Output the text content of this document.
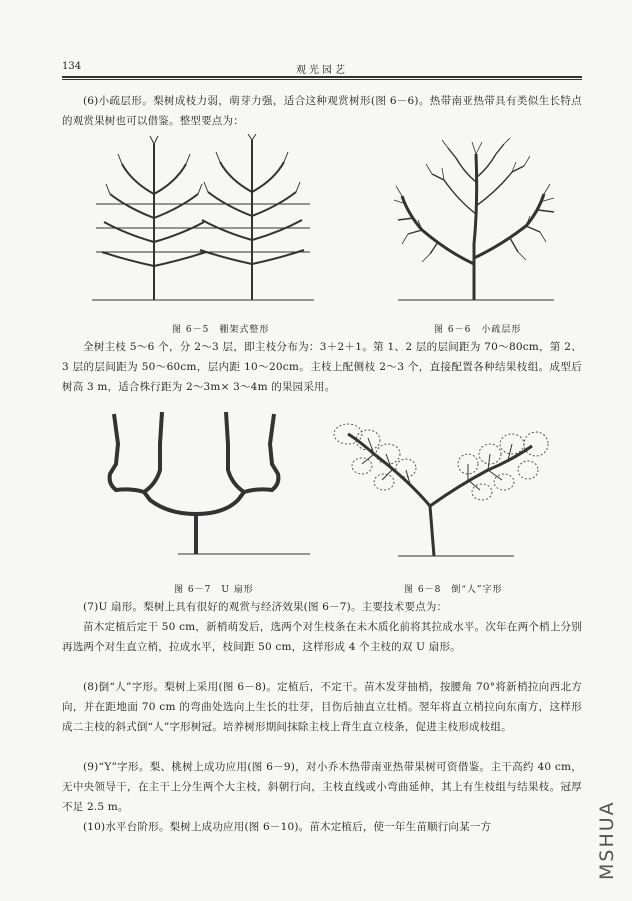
134	观光园艺

(6)小疏层形。梨树成枝力弱，萌芽力强，适合这种观赏树形(图 6－6)。热带南亚热带具有类似生长特点的观赏果树也可以借鉴。整型要点为：

图 6－5　棚架式整形	图 6－6　小疏层形

全树主枝 5～6 个，分 2～3 层，即主枝分布为：3＋2＋1。第 1、2 层的层间距为 70～80cm，第 2、3 层的层间距为 50～60cm，层内距 10～20cm。主枝上配侧枝 2～3 个，直接配置各种结果枝组。成型后树高 3 m，适合株行距为 2～3m× 3～4m 的果园采用。

图 6－7　U 扇形	图 6－8　倒“人”字形

(7)U 扇形。梨树上具有很好的观赏与经济效果(图 6－7)。主要技术要点为：

苗木定植后定干 50 cm，新梢萌发后，选两个对生枝条在未木质化前将其拉成水平。次年在两个梢上分别再选两个对生直立梢，拉成水平，枝间距 50 cm，这样形成 4 个主枝的双 U 扇形。

(8)倒“人”字形。梨树上采用(图 6－8)。定植后，不定干。苗木发芽抽梢，按腰角 70°将新梢拉向西北方向，并在距地面 70 cm 的弯曲处选向上生长的壮芽，目伤后抽直立壮梢。翌年将直立梢拉向东南方，这样形成二主枝的斜式倒“人”字形树冠。培养树形期间抹除主枝上背生直立枝条，促进主枝形成枝组。

(9)“Y”字形。梨、桃树上成功应用(图 6－9)，对小乔木热带南亚热带果树可资借鉴。主干高约 40 cm，无中央领导干，在主干上分生两个大主枝，斜朝行向，主枝直线或小弯曲延伸，其上有生枝组与结果枝。冠厚不足 2.5 m。

(10)水平台阶形。梨树上成功应用(图 6－10)。苗木定植后，使一年生苗顺行向某一方	MSHUA
